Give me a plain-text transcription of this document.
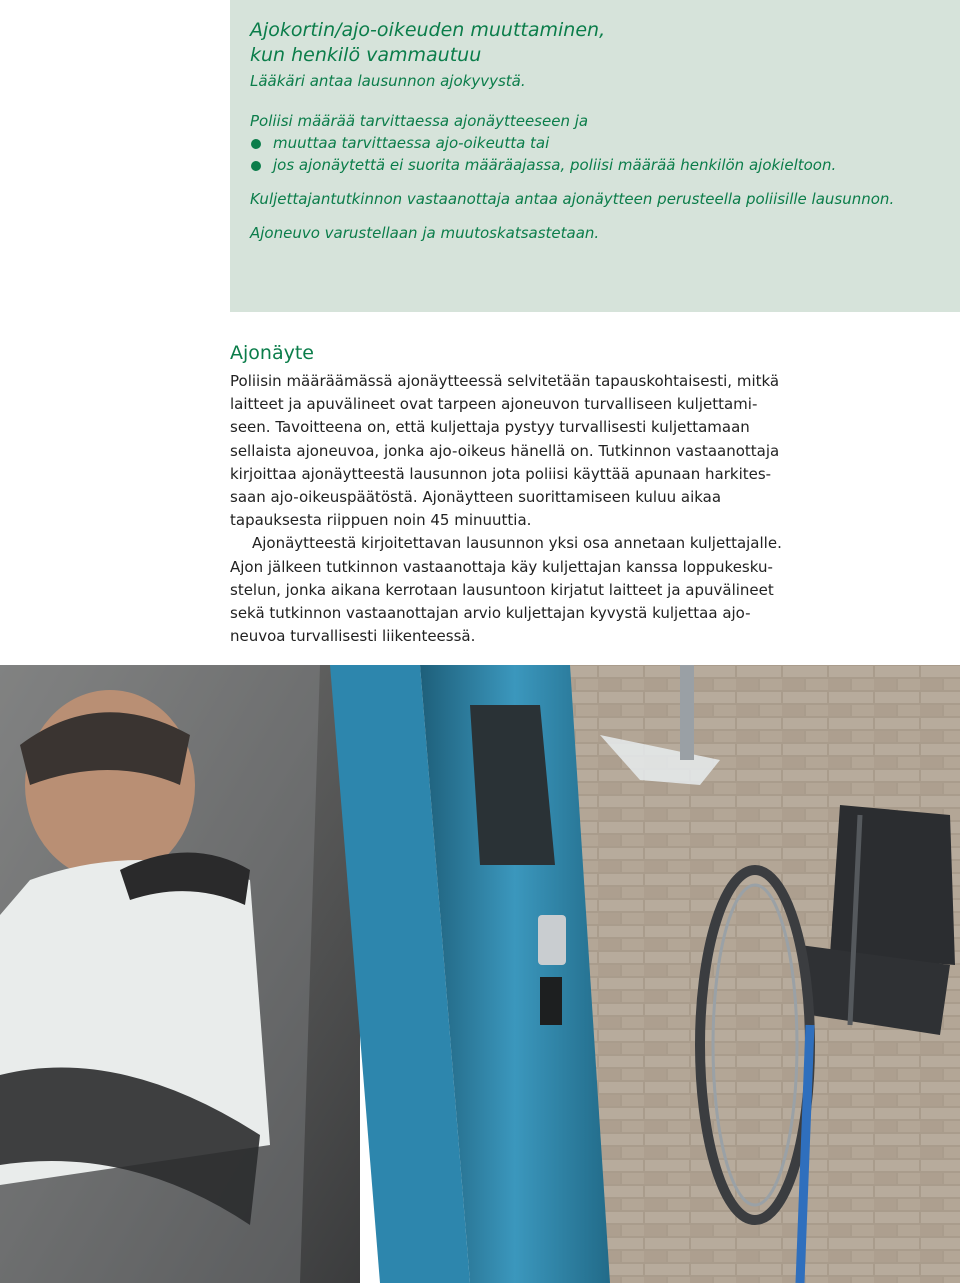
Ajokortin/ajo-oikeuden muuttaminen,
kun henkilö vammautuu

Lääkäri antaa lausunnon ajokyvystä.

Poliisi määrää tarvittaessa ajonäytteeseen ja

muuttaa tarvittaessa ajo-oikeutta tai
jos ajonäytettä ei suorita määräajassa, poliisi määrää henkilön ajokieltoon.

Kuljettajantutkinnon vastaanottaja antaa ajonäytteen perusteella poliisille lausunnon.

Ajoneuvo varustellaan ja muutoskatsastetaan.

Ajonäyte

Poliisin määräämässä ajonäytteessä selvitetään tapauskohtaisesti, mitkä
laitteet ja apuvälineet ovat tarpeen ajoneuvon turvalliseen kuljettami-
seen. Tavoitteena on, että kuljettaja pystyy turvallisesti kuljettamaan
sellaista ajoneuvoa, jonka ajo-oikeus hänellä on. Tutkinnon vastaanottaja
kirjoittaa ajonäytteestä lausunnon jota poliisi käyttää apunaan harkites-
saan ajo-oikeuspäätöstä. Ajonäytteen suorittamiseen kuluu aikaa
tapauksesta riippuen noin 45 minuuttia.

Ajonäytteestä kirjoitettavan lausunnon yksi osa annetaan kuljettajalle.
Ajon jälkeen tutkinnon vastaanottaja käy kuljettajan kanssa loppukesku-
stelun, jonka aikana kerrotaan lausuntoon kirjatut laitteet ja apuvälineet
sekä tutkinnon vastaanottajan arvio kuljettajan kyvystä kuljettaa ajo-
neuvoa turvallisesti liikenteessä.
